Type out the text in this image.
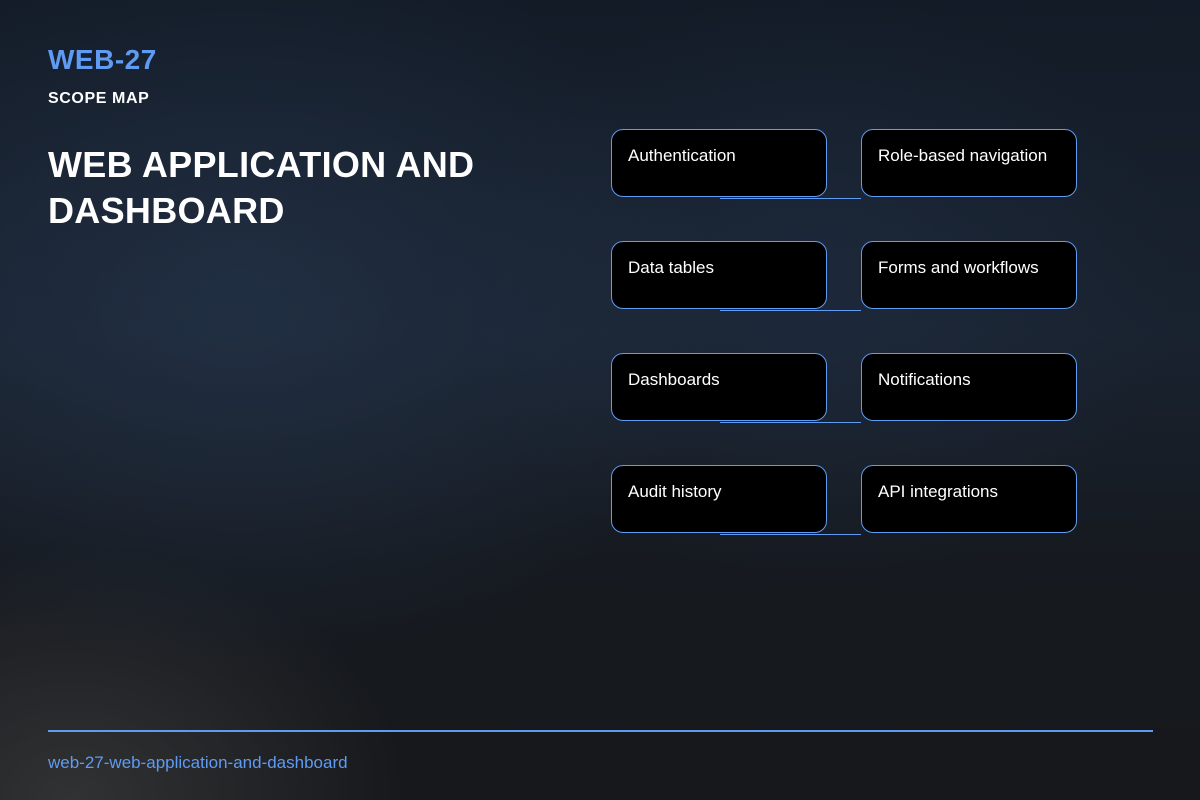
WEB-27
SCOPE MAP
WEB APPLICATION AND DASHBOARD
Authentication	Role-based navigation
Data tables	Forms and workflows
Dashboards	Notifications
Audit history	API integrations
web-27-web-application-and-dashboard
